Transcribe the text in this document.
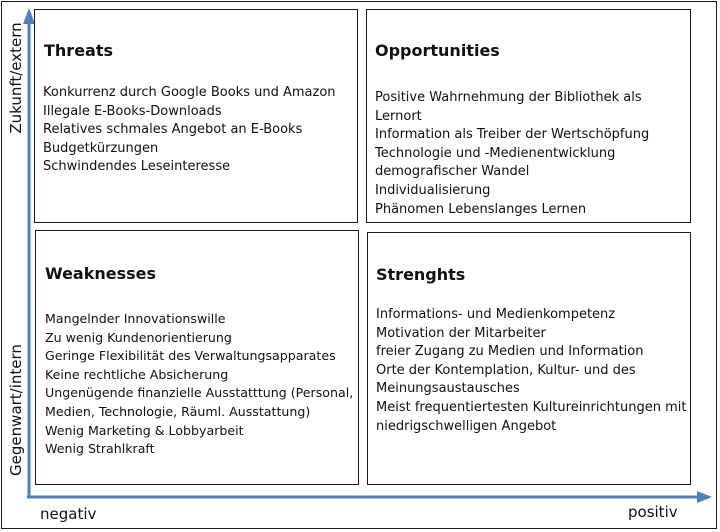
Threats
Konkurrenz durch Google Books und Amazon
Illegale E-Books-Downloads
Relatives schmales Angebot an E-Books
Budgetkürzungen
Schwindendes Leseinteresse
Opportunities
Positive Wahrnehmung der Bibliothek als Lernort
Information als Treiber der Wertschöpfung
Technologie und -Medienentwicklung
demografischer Wandel
Individualisierung
Phänomen Lebenslanges Lernen
Weaknesses
Mangelnder Innovationswille
Zu wenig Kundenorientierung
Geringe Flexibilität des Verwaltungsapparates
Keine rechtliche Absicherung
Ungenügende finanzielle Ausstatttung (Personal, Medien, Technologie, Räuml. Ausstattung)
Wenig Marketing & Lobbyarbeit
Wenig Strahlkraft
Strenghts
Informations- und Medienkompetenz
Motivation der Mitarbeiter
freier Zugang zu Medien und Information
Orte der Kontemplation, Kultur- und des Meinungsaustausches
Meist frequentiertesten Kultureinrichtungen mit niedrigschwelligen Angebot
negativ	positiv
Zukunft/extern
Gegenwart/intern
